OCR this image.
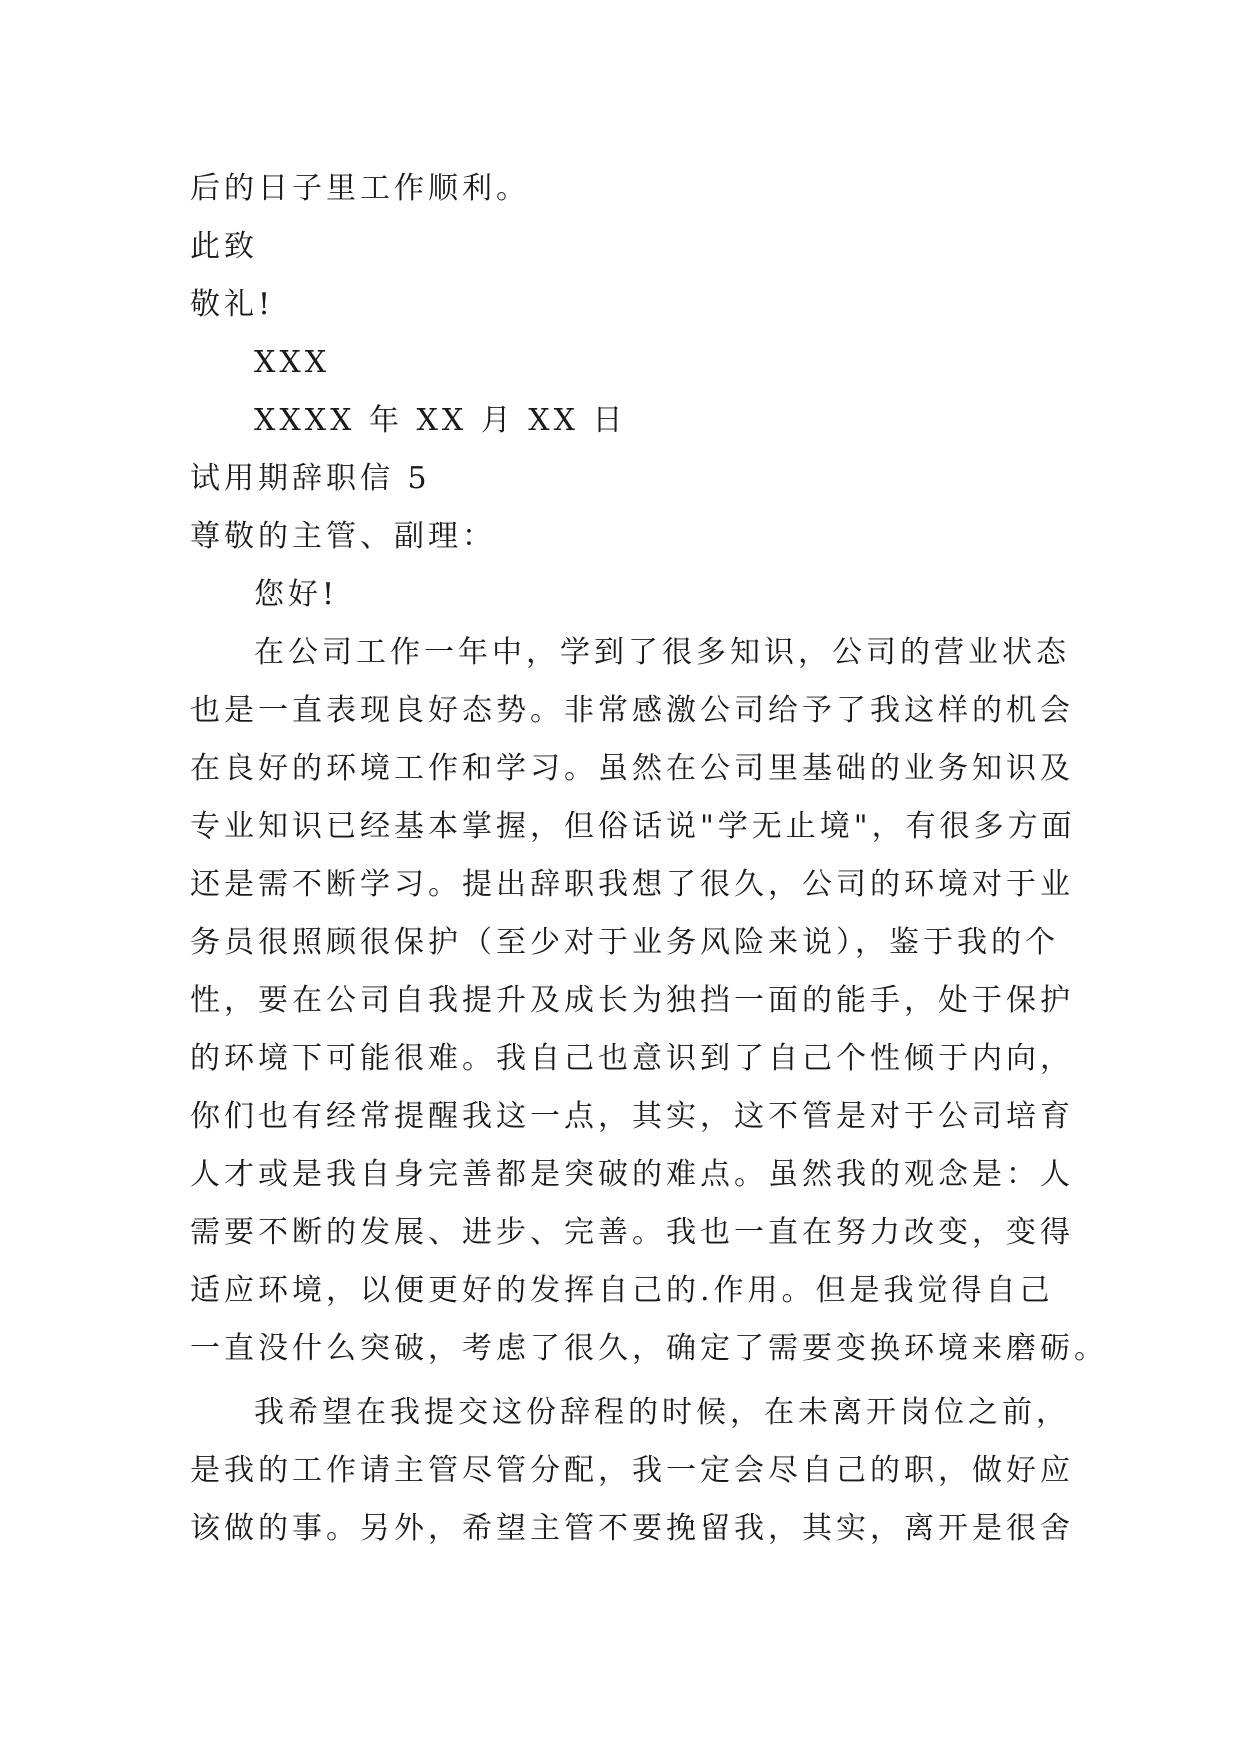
后的日子里工作顺利。
此致
敬礼!
XXX
XXXX 年 XX 月 XX 日
试用期辞职信 5
尊敬的主管、副理：
您好!
在公司工作一年中，学到了很多知识，公司的营业状态
也是一直表现良好态势。非常感激公司给予了我这样的机会
在良好的环境工作和学习。虽然在公司里基础的业务知识及
专业知识已经基本掌握，但俗话说"学无止境"，有很多方面
还是需不断学习。提出辞职我想了很久，公司的环境对于业
务员很照顾很保护（至少对于业务风险来说），鉴于我的个
性，要在公司自我提升及成长为独挡一面的能手，处于保护
的环境下可能很难。我自己也意识到了自己个性倾于内向，
你们也有经常提醒我这一点，其实，这不管是对于公司培育
人才或是我自身完善都是突破的难点。虽然我的观念是：人
需要不断的发展、进步、完善。我也一直在努力改变，变得
适应环境，以便更好的发挥自己的.作用。但是我觉得自己
一直没什么突破，考虑了很久，确定了需要变换环境来磨砺。
我希望在我提交这份辞程的时候，在未离开岗位之前，
是我的工作请主管尽管分配，我一定会尽自己的职，做好应
该做的事。另外，希望主管不要挽留我，其实，离开是很舍
